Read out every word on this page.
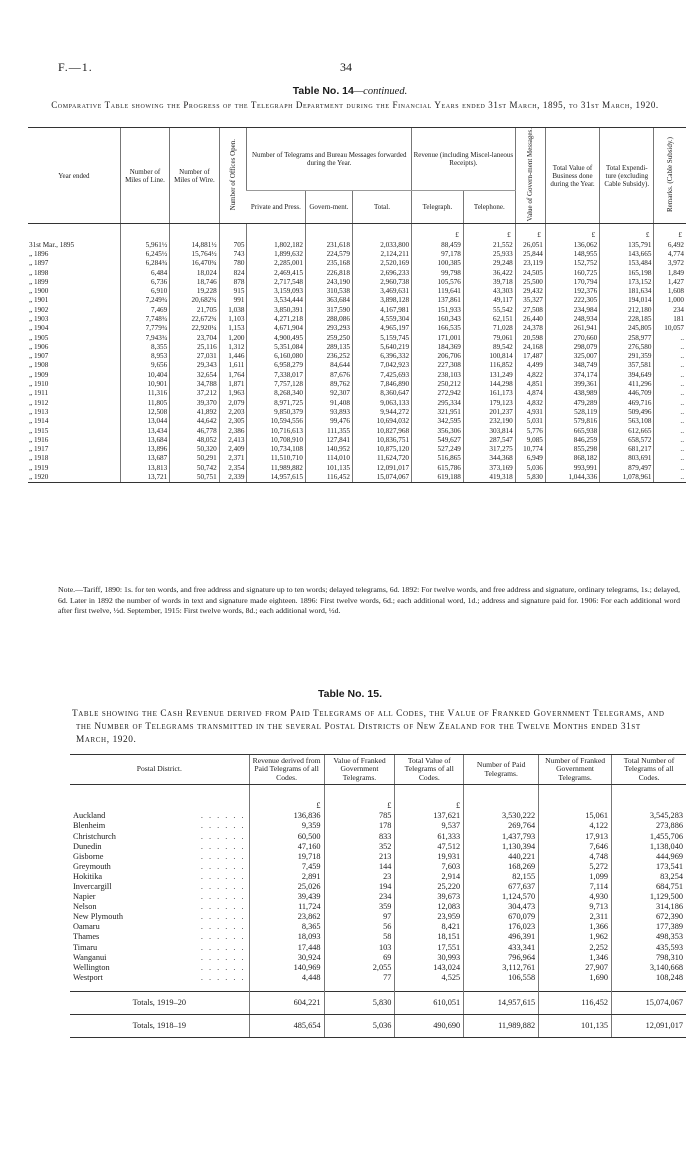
F.—1.	34
Table No. 14—continued.
Comparative Table showing the Progress of the Telegraph Department during the Financial Years ended 31st March, 1895, to 31st March, 1920.
Year ended	Number of Miles of Line.	Number of Miles of Wire.	Number of Offices Open.	Number of Telegrams and Bureau Messages forwarded during the Year.			Revenue (including Miscel-laneous Receipts).		Value of Govern-ment Messages.	Total Value of Business done during the Year.	Total Expendi-ture (excluding Cable Subsidy).	Remarks. (Cable Subsidy.)
				Private and Press.	Govern-ment.	Total.	Telegraph.	Telephone.				
							£	£	£	£	£	£
31st Mar., 1895	5,961½	14,881½	705	1,802,182	231,618	2,033,800	88,459	21,552	26,051	136,062	135,791	6,492
„ 1896	6,245½	15,764½	743	1,899,632	224,579	2,124,211	97,178	25,933	25,844	148,955	143,665	4,774
„ 1897	6,284¾	16,470¾	780	2,285,001	235,168	2,520,169	100,385	29,248	23,119	152,752	153,484	3,972
„ 1898	6,484	18,024	824	2,469,415	226,818	2,696,233	99,798	36,422	24,505	160,725	165,198	1,849
„ 1899	6,736	18,746	878	2,717,548	243,190	2,960,738	105,576	39,718	25,500	170,794	173,152	1,427
„ 1900	6,910	19,228	915	3,159,093	310,538	3,469,631	119,641	43,303	29,432	192,376	181,634	1,608
„ 1901	7,249¾	20,682¾	991	3,534,444	363,684	3,898,128	137,861	49,117	35,327	222,305	194,014	1,000
„ 1902	7,469	21,705	1,038	3,850,391	317,590	4,167,981	151,933	55,542	27,508	234,984	212,180	234
„ 1903	7,748¾	22,672¾	1,103	4,271,218	288,086	4,559,304	160,343	62,151	26,440	248,934	228,185	181
„ 1904	7,779¾	22,920¼	1,153	4,671,904	293,293	4,965,197	166,535	71,028	24,378	261,941	245,805	10,057
„ 1905	7,943¾	23,704	1,200	4,900,495	259,250	5,159,745	171,001	79,061	20,598	270,660	258,977	..
„ 1906	8,355	25,116	1,312	5,351,084	289,135	5,640,219	184,369	89,542	24,168	298,079	276,580	..
„ 1907	8,953	27,031	1,446	6,160,080	236,252	6,396,332	206,706	100,814	17,487	325,007	291,359	..
„ 1908	9,656	29,343	1,611	6,958,279	84,644	7,042,923	227,308	116,852	4,499	348,749	357,581	..
„ 1909	10,404	32,654	1,764	7,338,017	87,676	7,425,693	238,103	131,249	4,822	374,174	394,649	..
„ 1910	10,901	34,788	1,871	7,757,128	89,762	7,846,890	250,212	144,298	4,851	399,361	411,296	..
„ 1911	11,316	37,212	1,963	8,268,340	92,307	8,360,647	272,942	161,173	4,874	438,989	446,709	..
„ 1912	11,805	39,370	2,079	8,971,725	91,408	9,063,133	295,334	179,123	4,832	479,289	469,716	..
„ 1913	12,508	41,892	2,203	9,850,379	93,893	9,944,272	321,951	201,237	4,931	528,119	509,496	..
„ 1914	13,044	44,642	2,305	10,594,556	99,476	10,694,032	342,595	232,190	5,031	579,816	563,108	..
„ 1915	13,434	46,778	2,386	10,716,613	111,355	10,827,968	356,306	303,814	5,776	665,938	612,665	..
„ 1916	13,684	48,052	2,413	10,708,910	127,841	10,836,751	549,627	287,547	9,085	846,259	658,572	..
„ 1917	13,896	50,320	2,409	10,734,108	140,952	10,875,120	527,249	317,275	10,774	855,298	681,217	..
„ 1918	13,687	50,291	2,371	11,510,710	114,010	11,624,720	516,865	344,368	6,949	868,182	803,691	..
„ 1919	13,813	50,742	2,354	11,989,882	101,135	12,091,017	615,786	373,169	5,036	993,991	879,497	..
„ 1920	13,721	50,751	2,339	14,957,615	116,452	15,074,067	619,188	419,318	5,830	1,044,336	1,078,961	..
Note.—Tariff, 1890: 1s. for ten words, and free address and signature up to ten words; delayed telegrams, 6d. 1892: For twelve words, and free address and signature, ordinary telegrams, 1s.; delayed, 6d. Later in 1892 the number of words in text and signature made eighteen. 1896: First twelve words, 6d.; each additional word, 1d.; address and signature paid for. 1906: For each additional word after first twelve, ½d. September, 1915: First twelve words, 8d.; each additional word, ½d.
Table No. 15.
Table showing the Cash Revenue derived from Paid Telegrams of all Codes, the Value of Franked Government Telegrams, and the Number of Telegrams transmitted in the several Postal Districts of New Zealand for the Twelve Months ended 31st March, 1920.
Postal District.	Revenue derived from Paid Telegrams of all Codes.	Value of Franked Government Telegrams.	Total Value of Telegrams of all Codes.	Number of Paid Telegrams.	Number of Franked Government Telegrams.	Total Number of Telegrams of all Codes.
	£	£	£			
Auckland . . . . . .	136,836	785	137,621	3,530,222	15,061	3,545,283
Blenheim . . . . . .	9,359	178	9,537	269,764	4,122	273,886
Christchurch . . . . . .	60,500	833	61,333	1,437,793	17,913	1,455,706
Dunedin . . . . . .	47,160	352	47,512	1,130,394	7,646	1,138,040
Gisborne . . . . . .	19,718	213	19,931	440,221	4,748	444,969
Greymouth . . . . . .	7,459	144	7,603	168,269	5,272	173,541
Hokitika . . . . . .	2,891	23	2,914	82,155	1,099	83,254
Invercargill . . . . . .	25,026	194	25,220	677,637	7,114	684,751
Napier . . . . . .	39,439	234	39,673	1,124,570	4,930	1,129,500
Nelson . . . . . .	11,724	359	12,083	304,473	9,713	314,186
New Plymouth . . . . . .	23,862	97	23,959	670,079	2,311	672,390
Oamaru . . . . . .	8,365	56	8,421	176,023	1,366	177,389
Thames . . . . . .	18,093	58	18,151	496,391	1,962	498,353
Timaru . . . . . .	17,448	103	17,551	433,341	2,252	435,593
Wanganui . . . . . .	30,924	69	30,993	796,964	1,346	798,310
Wellington . . . . . .	140,969	2,055	143,024	3,112,761	27,907	3,140,668
Westport . . . . . .	4,448	77	4,525	106,558	1,690	108,248

Totals, 1919–20	604,221	5,830	610,051	14,957,615	116,452	15,074,067
Totals, 1918–19	485,654	5,036	490,690	11,989,882	101,135	12,091,017
